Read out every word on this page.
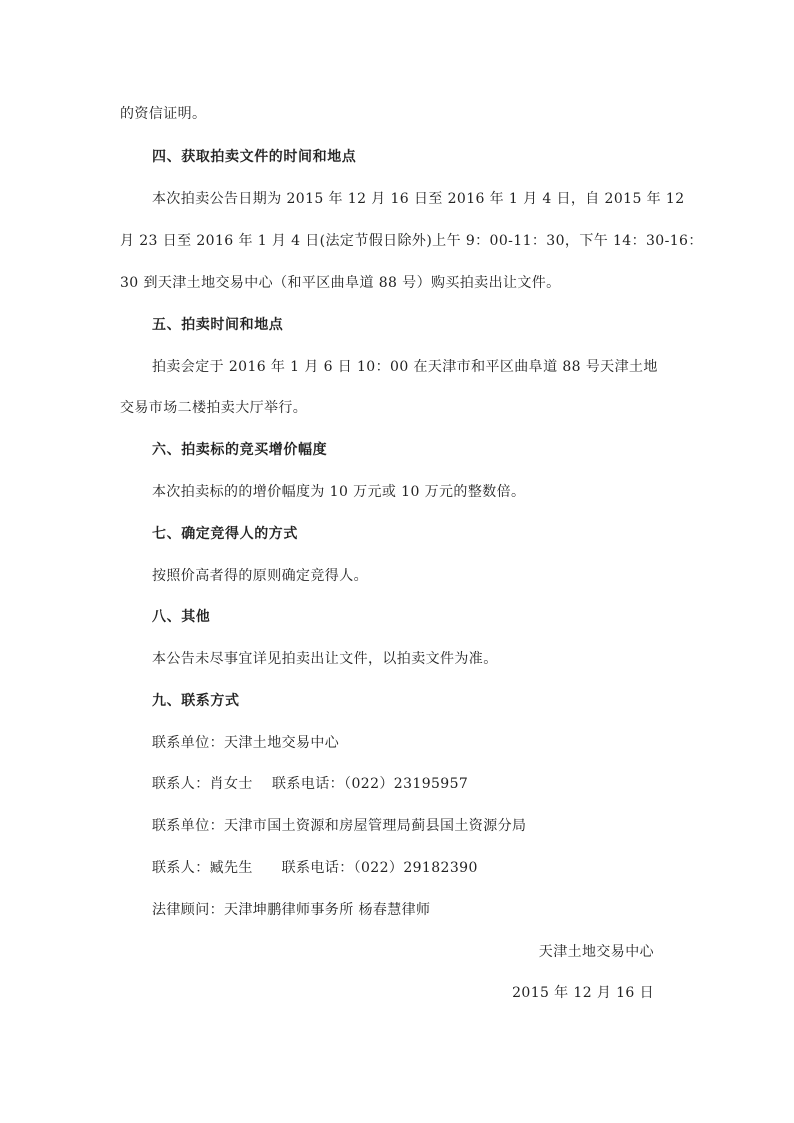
的资信证明。
四、获取拍卖文件的时间和地点
本次拍卖公告日期为 2015 年 12 月 16 日至 2016 年 1 月 4 日，自 2015 年 12
月 23 日至 2016 年 1 月 4 日(法定节假日除外)上午 9：00-11：30，下午 14：30-16：
30 到天津土地交易中心（和平区曲阜道 88 号）购买拍卖出让文件。
五、拍卖时间和地点
拍卖会定于 2016 年 1 月 6 日 10：00 在天津市和平区曲阜道 88 号天津土地
交易市场二楼拍卖大厅举行。
六、拍卖标的竞买增价幅度
本次拍卖标的的增价幅度为 10 万元或 10 万元的整数倍。
七、确定竞得人的方式
按照价高者得的原则确定竞得人。
八、其他
本公告未尽事宜详见拍卖出让文件，以拍卖文件为准。
九、联系方式
联系单位：天津土地交易中心
联系人：肖女士　 联系电话：（022）23195957
联系单位：天津市国土资源和房屋管理局蓟县国土资源分局
联系人：臧先生　　联系电话：（022）29182390
法律顾问：天津坤鹏律师事务所 杨春慧律师
天津土地交易中心
2015 年 12 月 16 日
